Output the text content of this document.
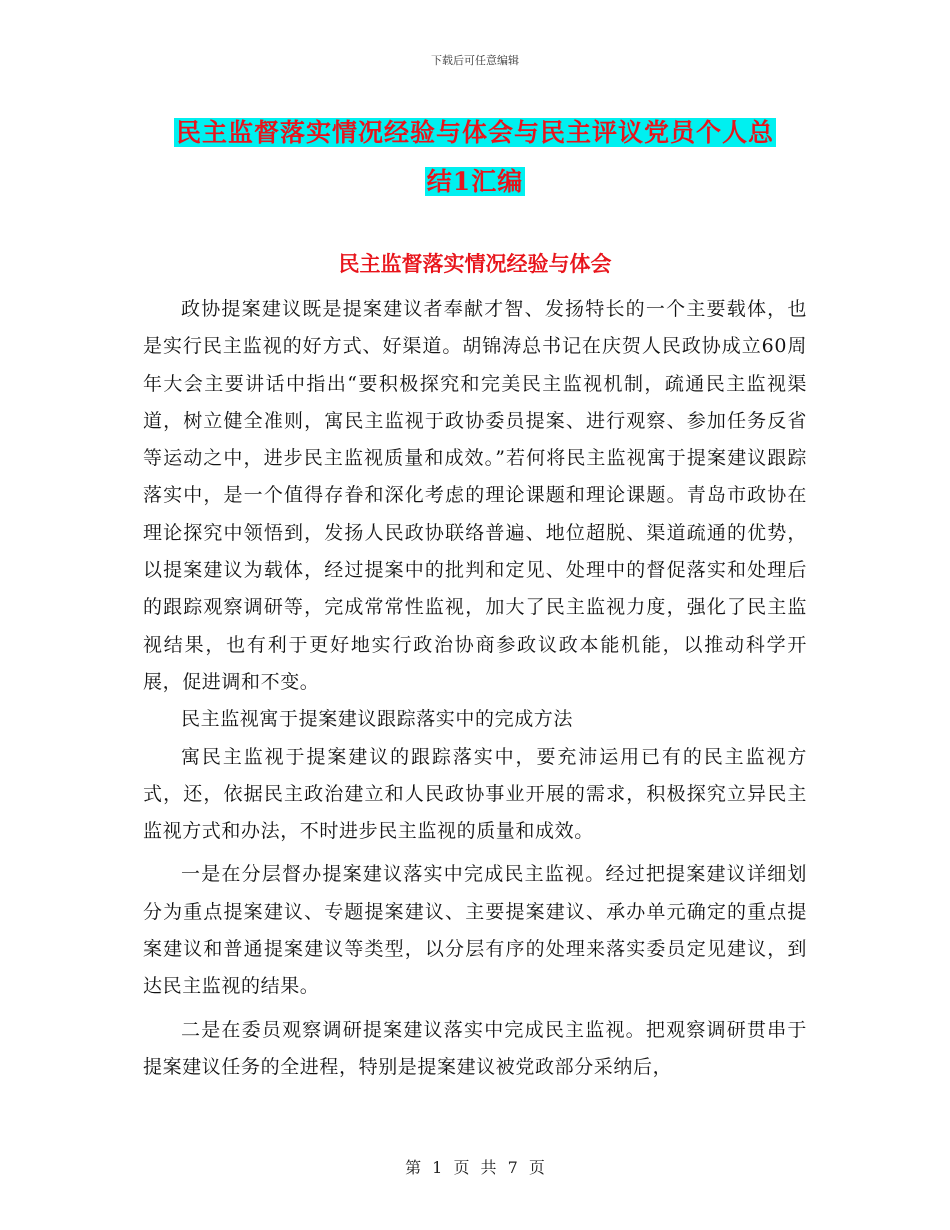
下载后可任意编辑
民主监督落实情况经验与体会与民主评议党员个人总
结1汇编
民主监督落实情况经验与体会

政协提案建议既是提案建议者奉献才智、发扬特长的一个主要载体，也是实行民主监视的好方式、好渠道。胡锦涛总书记在庆贺人民政协成立60周年大会主要讲话中指出“要积极探究和完美民主监视机制，疏通民主监视渠道，树立健全准则，寓民主监视于政协委员提案、进行观察、参加任务反省等运动之中，进步民主监视质量和成效。”若何将民主监视寓于提案建议跟踪落实中，是一个值得存眷和深化考虑的理论课题和理论课题。青岛市政协在理论探究中领悟到，发扬人民政协联络普遍、地位超脱、渠道疏通的优势，以提案建议为载体，经过提案中的批判和定见、处理中的督促落实和处理后的跟踪观察调研等，完成常常性监视，加大了民主监视力度，强化了民主监视结果，也有利于更好地实行政治协商参政议政本能机能，以推动科学开展，促进调和不变。

民主监视寓于提案建议跟踪落实中的完成方法

寓民主监视于提案建议的跟踪落实中，要充沛运用已有的民主监视方式，还，依据民主政治建立和人民政协事业开展的需求，积极探究立异民主监视方式和办法，不时进步民主监视的质量和成效。

一是在分层督办提案建议落实中完成民主监视。经过把提案建议详细划分为重点提案建议、专题提案建议、主要提案建议、承办单元确定的重点提案建议和普通提案建议等类型，以分层有序的处理来落实委员定见建议，到达民主监视的结果。

二是在委员观察调研提案建议落实中完成民主监视。把观察调研贯串于提案建议任务的全进程，特别是提案建议被党政部分采纳后，

第 1 页 共 7 页
